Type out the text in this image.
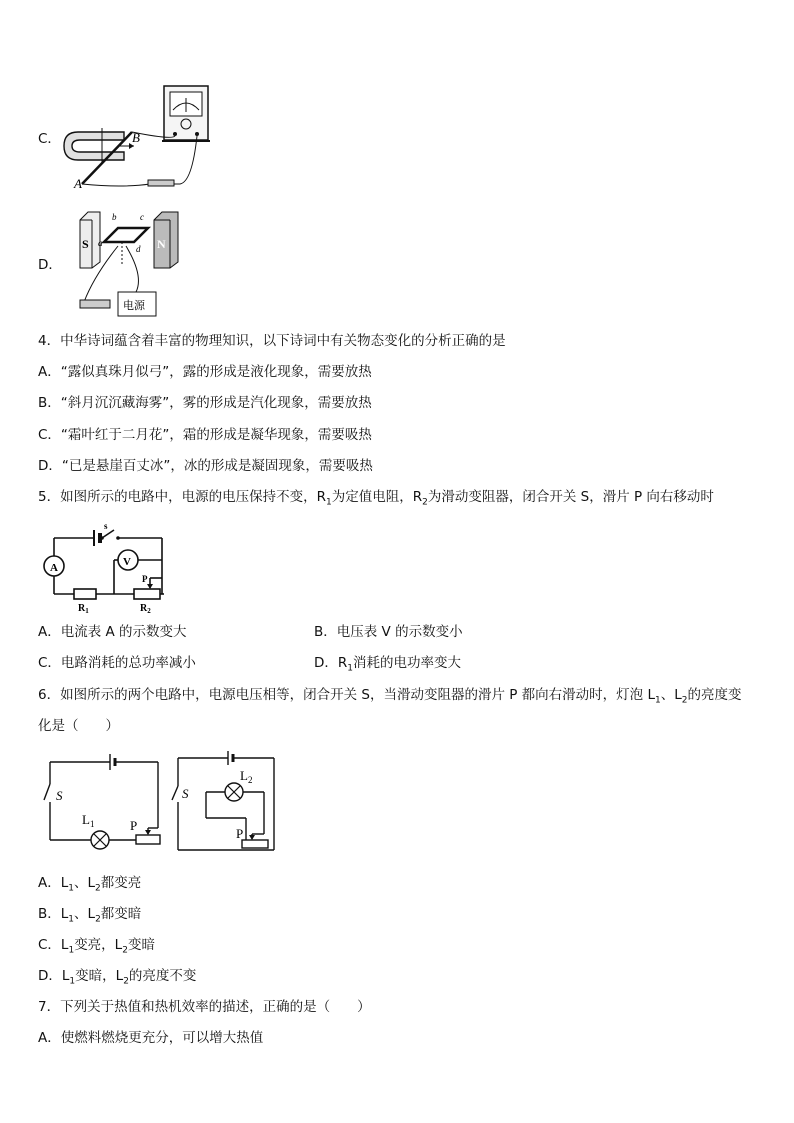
C．	B
A
D．
S	N
b	c
a
d
电源
4．中华诗词蕴含着丰富的物理知识，以下诗词中有关物态变化的分析正确的是
A．“露似真珠月似弓”，露的形成是液化现象，需要放热
B．“斜月沉沉藏海雾”，雾的形成是汽化现象，需要放热
C．“霜叶红于二月花”，霜的形成是凝华现象，需要吸热
D．“已是悬崖百丈冰”，冰的形成是凝固现象，需要吸热
5．如图所示的电路中，电源的电压保持不变，$R_1$为定值电阻，$R_2$为滑动变阻器，闭合开关 S，滑片 P 向右移动时
s
A	V
P
$R_1$	$R_2$
A．电流表 A 的示数变大	B．电压表 V 的示数变小
C．电路消耗的总功率减小	D．$R_1$消耗的电功率变大
6．如图所示的两个电路中，电源电压相等，闭合开关 S，当滑动变阻器的滑片 P 都向右滑动时，灯泡 $L_1$、$L_2$的亮度变
化是（　　）
S
$L_1$	P
S
$L_2$
P
A．$L_1$、$L_2$都变亮
B．$L_1$、$L_2$都变暗
C．$L_1$变亮，$L_2$变暗
D．$L_1$变暗，$L_2$的亮度不变
7．下列关于热值和热机效率的描述，正确的是（　　）
A．使燃料燃烧更充分，可以增大热值
